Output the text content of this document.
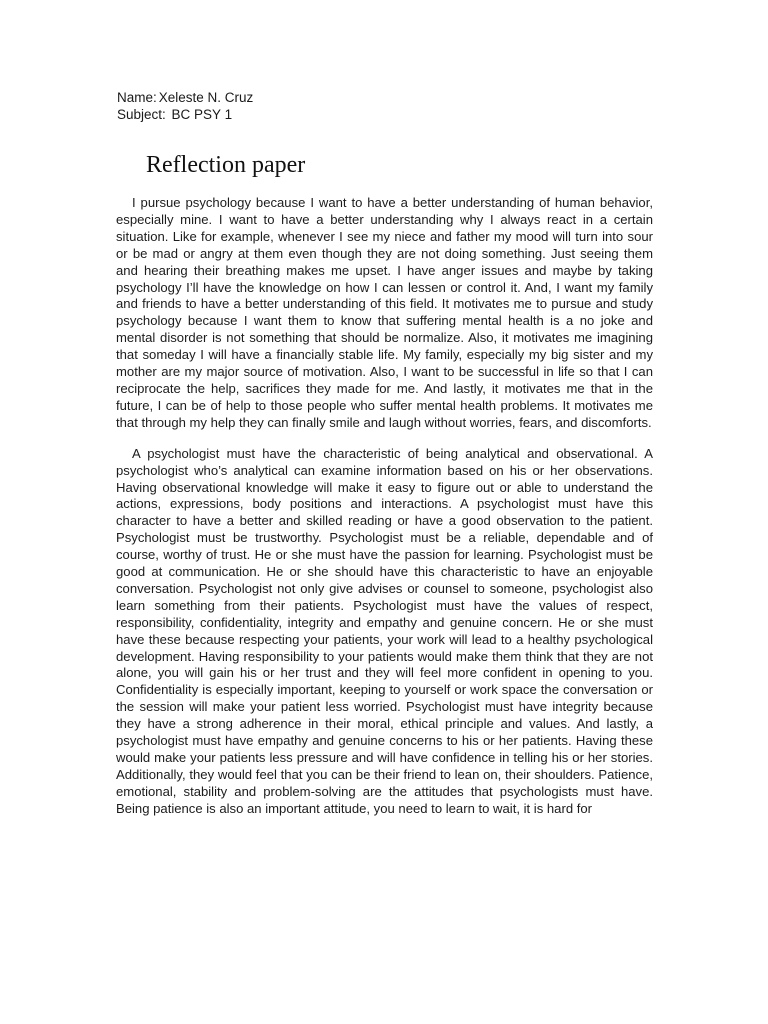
Name: Xeleste N. Cruz
Subject: BC PSY 1
Reflection paper

I pursue psychology because I want to have a better understanding of human behavior, especially mine. I want to have a better understanding why I always react in a certain situation. Like for example, whenever I see my niece and father my mood will turn into sour or be mad or angry at them even though they are not doing something. Just seeing them and hearing their breathing makes me upset. I have anger issues and maybe by taking psychology I’ll have the knowledge on how I can lessen or control it. And, I want my family and friends to have a better understanding of this field. It motivates me to pursue and study psychology because I want them to know that suffering mental health is a no joke and mental disorder is not something that should be normalize. Also, it motivates me imagining that someday I will have a financially stable life. My family, especially my big sister and my mother are my major source of motivation. Also, I want to be successful in life so that I can reciprocate the help, sacrifices they made for me. And lastly, it motivates me that in the future, I can be of help to those people who suffer mental health problems. It motivates me that through my help they can finally smile and laugh without worries, fears, and discomforts.

A psychologist must have the characteristic of being analytical and observational. A psychologist who’s analytical can examine information based on his or her observations. Having observational knowledge will make it easy to figure out or able to understand the actions, expressions, body positions and interactions. A psychologist must have this character to have a better and skilled reading or have a good observation to the patient. Psychologist must be trustworthy. Psychologist must be a reliable, dependable and of course, worthy of trust. He or she must have the passion for learning. Psychologist must be good at communication. He or she should have this characteristic to have an enjoyable conversation. Psychologist not only give advises or counsel to someone, psychologist also learn something from their patients. Psychologist must have the values of respect, responsibility, confidentiality, integrity and empathy and genuine concern. He or she must have these because respecting your patients, your work will lead to a healthy psychological development. Having responsibility to your patients would make them think that they are not alone, you will gain his or her trust and they will feel more confident in opening to you. Confidentiality is especially important, keeping to yourself or work space the conversation or the session will make your patient less worried. Psychologist must have integrity because they have a strong adherence in their moral, ethical principle and values. And lastly, a psychologist must have empathy and genuine concerns to his or her patients. Having these would make your patients less pressure and will have confidence in telling his or her stories. Additionally, they would feel that you can be their friend to lean on, their shoulders. Patience, emotional, stability and problem-solving are the attitudes that psychologists must have. Being patience is also an important attitude, you need to learn to wait, it is hard for
